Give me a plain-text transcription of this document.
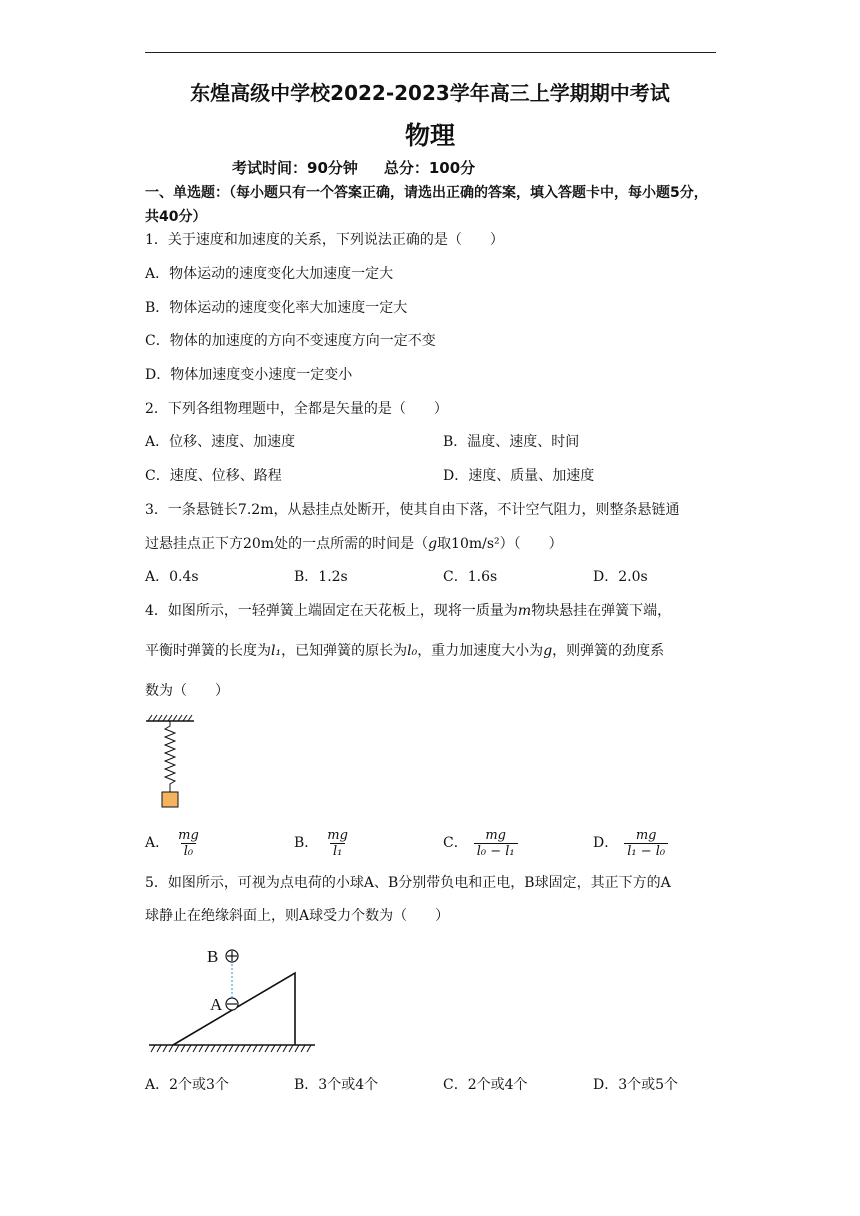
东煌高级中学校2022-2023学年高三上学期期中考试
物理
考试时间：90分钟 总分：100分
一、单选题：（每小题只有一个答案正确，请选出正确的答案，填入答题卡中，每小题5分，共40分）
1．关于速度和加速度的关系，下列说法正确的是（　　）
A．物体运动的速度变化大加速度一定大
B．物体运动的速度变化率大加速度一定大
C．物体的加速度的方向不变速度方向一定不变
D．物体加速度变小速度一定变小
2．下列各组物理题中，全都是矢量的是（　　）
A．位移、速度、加速度	B．温度、速度、时间
C．速度、位移、路程	D．速度、质量、加速度
3．一条悬链长7.2m，从悬挂点处断开，使其自由下落，不计空气阻力，则整条悬链通
过悬挂点正下方20m处的一点所需的时间是（g取10m/s²）（　　）
A．0.4s	B．1.2s	C．1.6s	D．2.0s
4．如图所示，一轻弹簧上端固定在天花板上，现将一质量为m物块悬挂在弹簧下端，
平衡时弹簧的长度为l₁，已知弹簧的原长为l₀，重力加速度大小为g，则弹簧的劲度系
数为（　　）
A． $\frac{mg}{\text{l₀}}$	B． $\frac{mg}{\text{l₁}}$	C． $\frac{mg}{\text{l₀ − l₁}}$	D． $\frac{mg}{\text{l₁ − l₀}}$
5．如图所示，可视为点电荷的小球A、B分别带负电和正电，B球固定，其正下方的A
球静止在绝缘斜面上，则A球受力个数为（　　）
B
A
A．2个或3个	B．3个或4个	C．2个或4个	D．3个或5个
